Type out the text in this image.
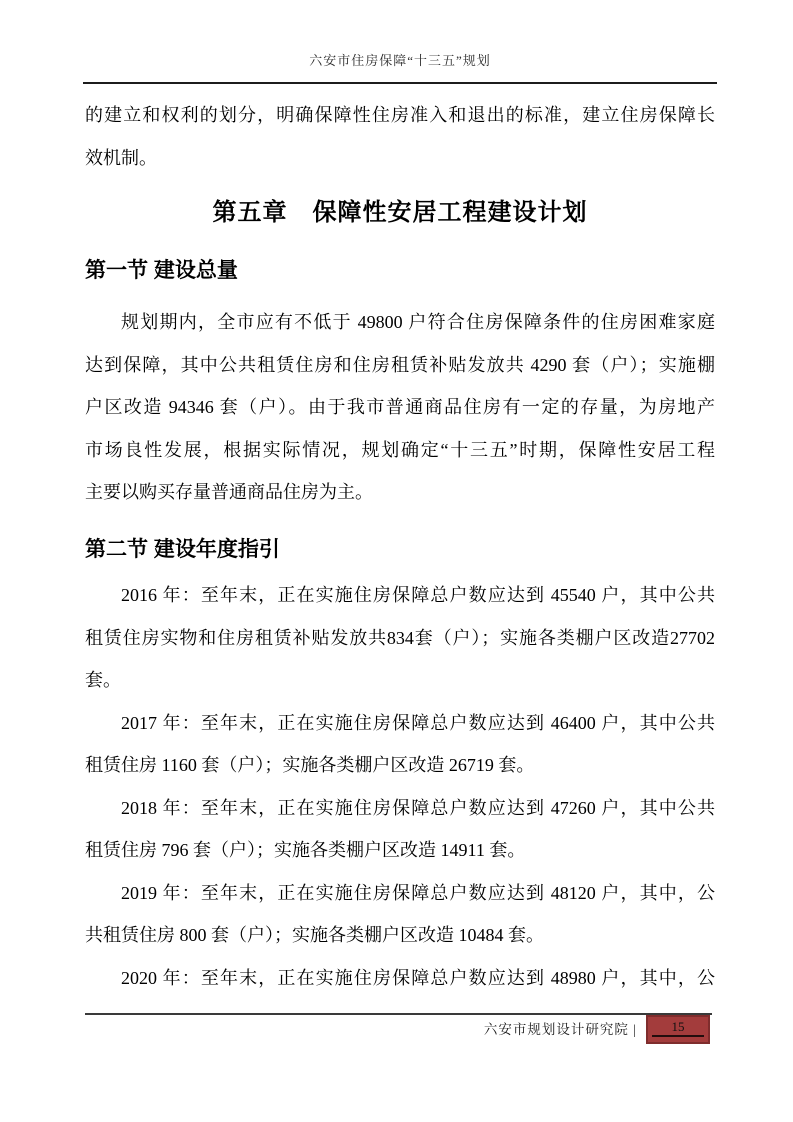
六安市住房保障“十三五”规划
的建立和权利的划分，明确保障性住房准入和退出的标准，建立住房保障长
效机制。
第五章　保障性安居工程建设计划
第一节 建设总量
规划期内，全市应有不低于 49800 户符合住房保障条件的住房困难家庭
达到保障，其中公共租赁住房和住房租赁补贴发放共 4290 套（户）；实施棚
户区改造 94346 套（户）。由于我市普通商品住房有一定的存量，为房地产
市场良性发展，根据实际情况，规划确定“十三五”时期，保障性安居工程
主要以购买存量普通商品住房为主。
第二节 建设年度指引
2016 年：至年末，正在实施住房保障总户数应达到 45540 户，其中公共
租赁住房实物和住房租赁补贴发放共834套（户）；实施各类棚户区改造27702
套。
2017 年：至年末，正在实施住房保障总户数应达到 46400 户，其中公共
租赁住房 1160 套（户）；实施各类棚户区改造 26719 套。
2018 年：至年末，正在实施住房保障总户数应达到 47260 户，其中公共
租赁住房 796 套（户）；实施各类棚户区改造 14911 套。
2019 年：至年末，正在实施住房保障总户数应达到 48120 户，其中，公
共租赁住房 800 套（户）；实施各类棚户区改造 10484 套。
2020 年：至年末，正在实施住房保障总户数应达到 48980 户，其中，公
六安市规划设计研究院 |	15
